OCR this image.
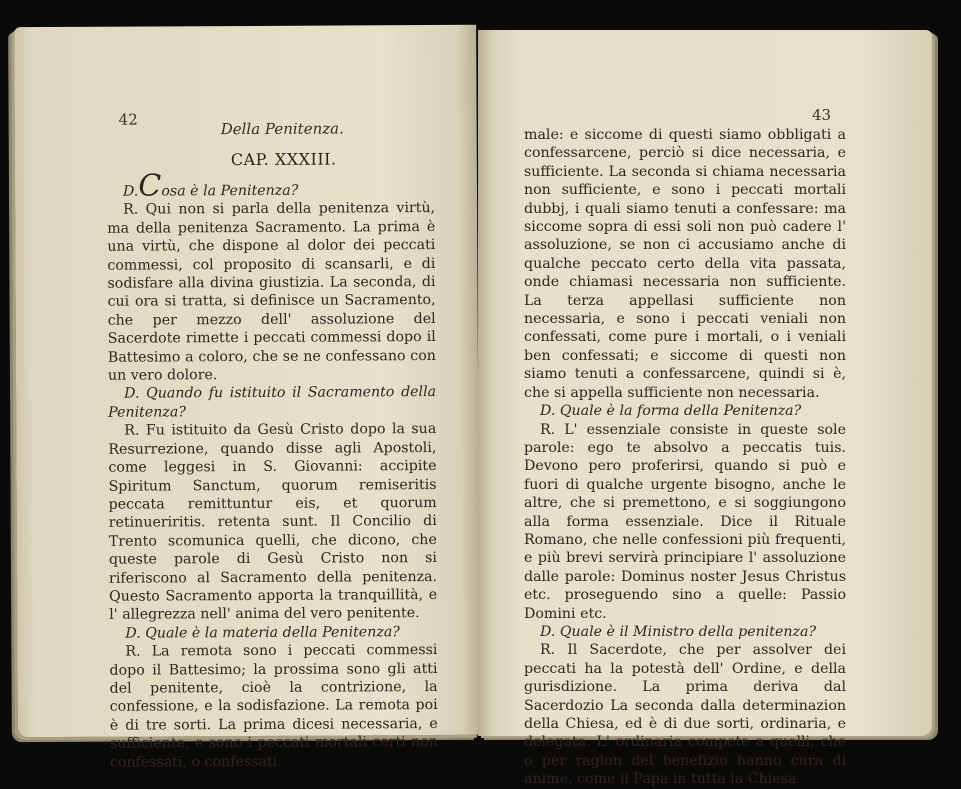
42	Della Penitenza.
CAP. XXXIII.

D.Cosa è la Penitenza?

R. Qui non si parla della penitenza virtù, ma della penitenza Sacramento. La prima è una virtù, che dispone al dolor dei peccati commessi, col proposito di scansarli, e di sodisfare alla divina giustizia. La seconda, di cui ora si tratta, si definisce un Sacramento, che per mezzo dell' assoluzione del Sacerdote rimette i peccati commessi dopo il Battesimo a coloro, che se ne confessano con un vero dolore.

D. Quando fu istituito il Sacramento della Penitenza?

R. Fu istituito da Gesù Cristo dopo la sua Resurrezione, quando disse agli Apostoli, come leggesi in S. Giovanni: accipite Spiritum Sanctum, quorum remiseritis peccata remittuntur eis, et quorum retinueriritis. retenta sunt. Il Concilio di Trento scomunica quelli, che dicono, che queste parole di Gesù Cristo non si riferiscono al Sacramento della penitenza. Questo Sacramento apporta la tranquillità, e l' allegrezza nell' anima del vero penitente.

D. Quale è la materia della Penitenza?

R. La remota sono i peccati commessi dopo il Battesimo; la prossima sono gli atti del penitente, cioè la contrizione, la confessione, e la sodisfazione. La remota poi è di tre sorti. La prima dicesi necessaria, e sufficiente, e sono i peccati mortali certi non confessati, o confessati

43

male: e siccome di questi siamo obbligati a confessarcene, perciò si dice necessaria, e sufficiente. La seconda si chiama necessaria non sufficiente, e sono i peccati mortali dubbj, i quali siamo tenuti a confessare: ma siccome sopra di essi soli non può cadere l' assoluzione, se non ci accusiamo anche di qualche peccato certo della vita passata, onde chiamasi necessaria non sufficiente. La terza appellasi sufficiente non necessaria, e sono i peccati veniali non confessati, come pure i mortali, o i veniali ben confessati; e siccome di questi non siamo tenuti a confessarcene, quindi si è, che si appella sufficiente non necessaria.

D. Quale è la forma della Penitenza?

R. L' essenziale consiste in queste sole parole: ego te absolvo a peccatis tuis. Devono pero proferirsi, quando si può e fuori di qualche urgente bisogno, anche le altre, che si premettono, e si soggiungono alla forma essenziale. Dice il Rituale Romano, che nelle confessioni più frequenti, e più brevi servirà principiare l' assoluzione dalle parole: Dominus noster Jesus Christus etc. proseguendo sino a quelle: Passio Domini etc.

D. Quale è il Ministro della penitenza?

R. Il Sacerdote, che per assolver dei peccati ha la potestà dell' Ordine, e della gurisdizione. La prima deriva dal Sacerdozio La seconda dalla determinazion della Chiesa, ed è di due sorti, ordinaria, e delegata. L' ordinaria compete a quelli, che o per ragion del benefizio hanno cura di anime, come il Papa in tutta la Chiesa
